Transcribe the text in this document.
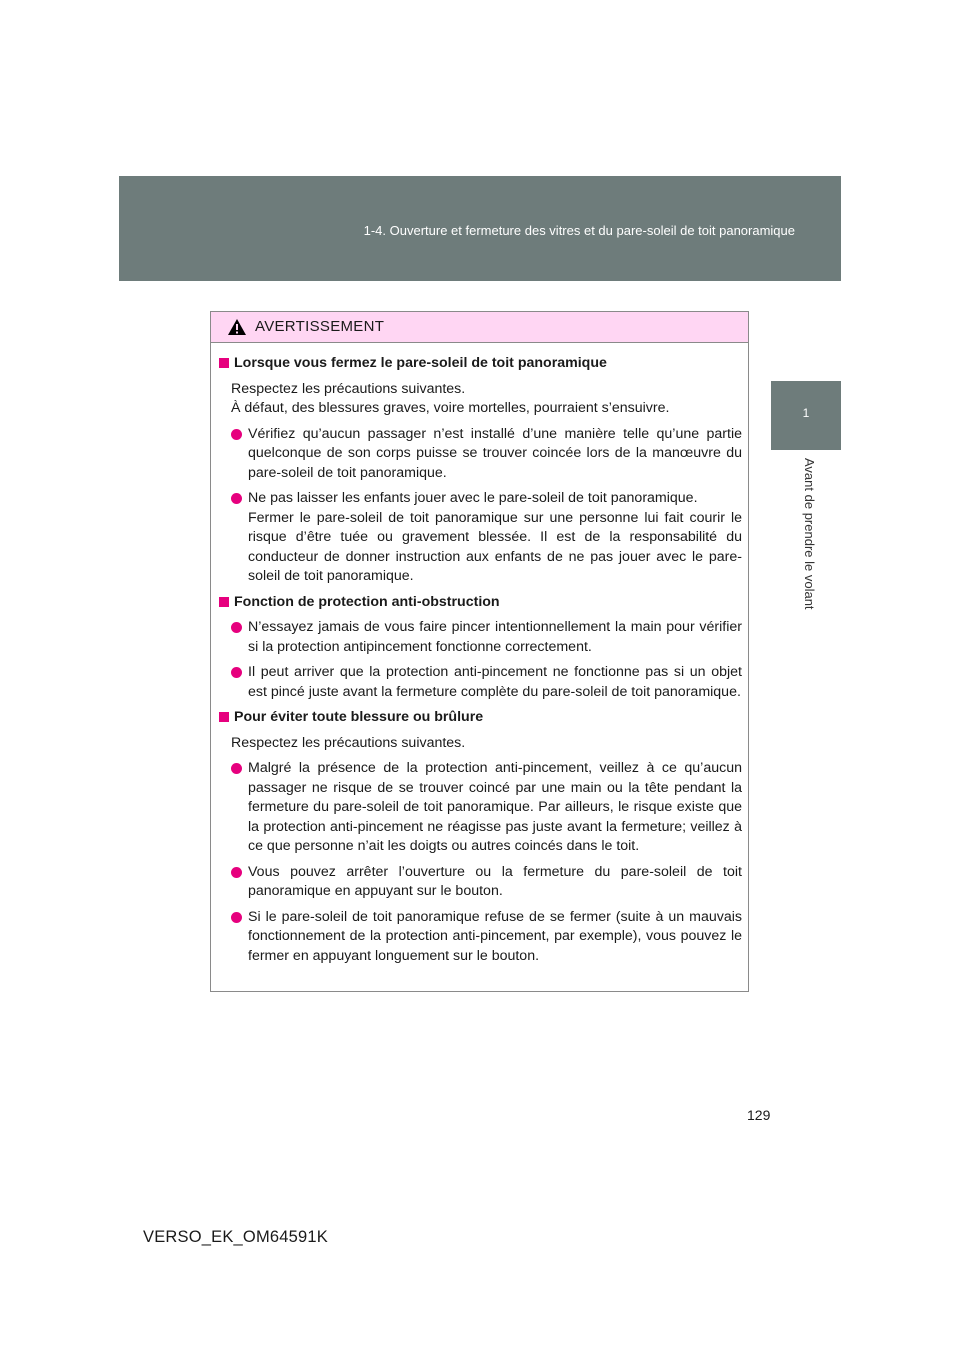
1-4. Ouverture et fermeture des vitres et du pare-soleil de toit panoramique
1
Avant de prendre le volant
AVERTISSEMENT
Lorsque vous fermez le pare-soleil de toit panoramique
Respectez les précautions suivantes.
À défaut, des blessures graves, voire mortelles, pourraient s’ensuivre.
Vérifiez qu’aucun passager n’est installé d’une manière telle qu’une partie quelconque de son corps puisse se trouver coincée lors de la manœuvre du pare-soleil de toit panoramique.
Ne pas laisser les enfants jouer avec le pare-soleil de toit panoramique.
Fermer le pare-soleil de toit panoramique sur une personne lui fait courir le risque d’être tuée ou gravement blessée. Il est de la responsabilité du conducteur de donner instruction aux enfants de ne pas jouer avec le pare-soleil de toit panoramique.
Fonction de protection anti-obstruction
N’essayez jamais de vous faire pincer intentionnellement la main pour vérifier si la protection antipincement fonctionne correctement.
Il peut arriver que la protection anti-pincement ne fonctionne pas si un objet est pincé juste avant la fermeture complète du pare-soleil de toit panoramique.
Pour éviter toute blessure ou brûlure
Respectez les précautions suivantes.
Malgré la présence de la protection anti-pincement, veillez à ce qu’aucun passager ne risque de se trouver coincé par une main ou la tête pendant la fermeture du pare-soleil de toit panoramique. Par ailleurs, le risque existe que la protection anti-pincement ne réagisse pas juste avant la fermeture; veillez à ce que personne n’ait les doigts ou autres coincés dans le toit.
Vous pouvez arrêter l’ouverture ou la fermeture du pare-soleil de toit panoramique en appuyant sur le bouton.
Si le pare-soleil de toit panoramique refuse de se fermer (suite à un mauvais fonctionnement de la protection anti-pincement, par exemple), vous pouvez le fermer en appuyant longuement sur le bouton.
129
VERSO_EK_OM64591K
